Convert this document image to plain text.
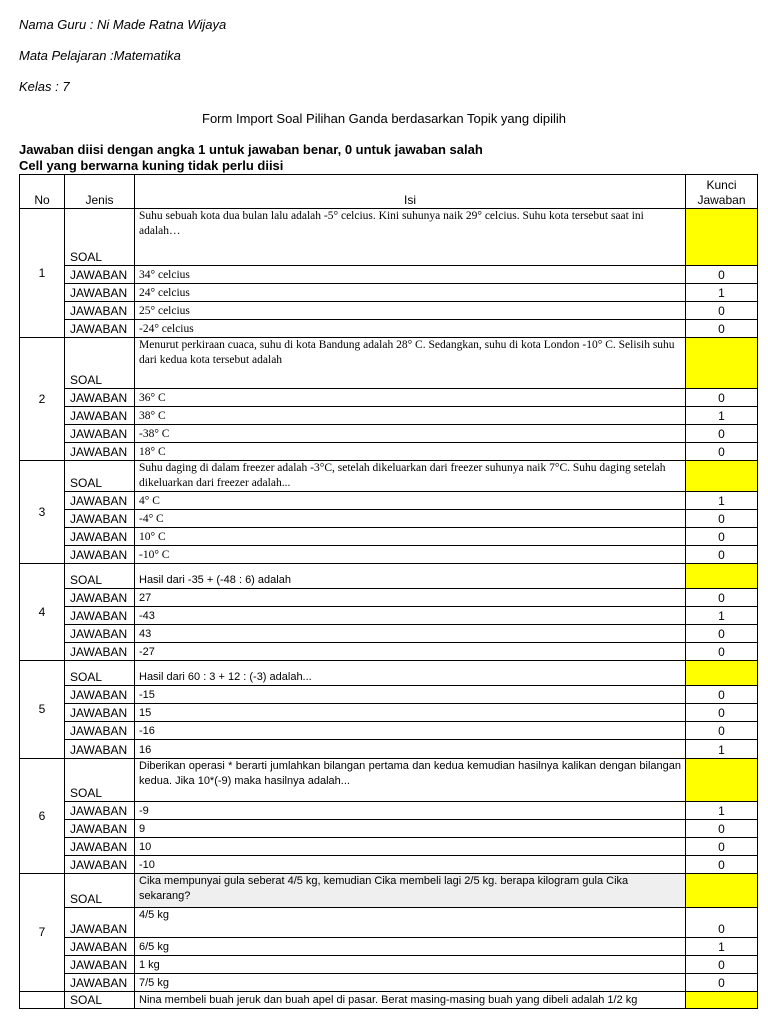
Nama Guru : Ni Made Ratna Wijaya
Mata Pelajaran :Matematika
Kelas : 7
Form Import Soal Pilihan Ganda berdasarkan Topik yang dipilih
Jawaban diisi dengan angka 1 untuk jawaban benar, 0 untuk jawaban salah
Cell yang berwarna kuning tidak perlu diisi
No	Jenis	Isi	Kunci Jawaban
1	SOAL	Suhu sebuah kota dua bulan lalu adalah -5° celcius. Kini suhunya naik 29° celcius. Suhu kota tersebut saat ini adalah…	
	JAWABAN	34° celcius	0
	JAWABAN	24° celcius	1
	JAWABAN	25° celcius	0
	JAWABAN	-24° celcius	0
2	SOAL	Menurut perkiraan cuaca, suhu di kota Bandung adalah 28° C. Sedangkan, suhu di kota London -10° C. Selisih suhu dari kedua kota tersebut adalah	
	JAWABAN	36° C	0
	JAWABAN	38° C	1
	JAWABAN	-38° C	0
	JAWABAN	18° C	0
3	SOAL	Suhu daging di dalam freezer adalah -3°C, setelah dikeluarkan dari freezer suhunya naik 7°C. Suhu daging setelah dikeluarkan dari freezer adalah...	
	JAWABAN	4° C	1
	JAWABAN	-4° C	0
	JAWABAN	10° C	0
	JAWABAN	-10° C	0
4	SOAL	Hasil dari -35 + (-48 : 6) adalah	
	JAWABAN	27	0
	JAWABAN	-43	1
	JAWABAN	43	0
	JAWABAN	-27	0
5	SOAL	Hasil dari 60 : 3 + 12 : (-3) adalah...	
	JAWABAN	-15	0
	JAWABAN	15	0
	JAWABAN	-16	0
	JAWABAN	16	1
6	SOAL	Diberikan operasi * berarti jumlahkan bilangan pertama dan kedua kemudian hasilnya kalikan dengan bilangan kedua. Jika 10*(-9) maka hasilnya adalah...	
	JAWABAN	-9	1
	JAWABAN	9	0
	JAWABAN	10	0
	JAWABAN	-10	0
7	SOAL	Cika mempunyai gula seberat 4/5 kg, kemudian Cika membeli lagi 2/5 kg. berapa kilogram gula Cika sekarang?	
	JAWABAN	4/5 kg	0
	JAWABAN	6/5 kg	1
	JAWABAN	1 kg	0
	JAWABAN	7/5 kg	0
	SOAL	Nina membeli buah jeruk dan buah apel di pasar. Berat masing-masing buah yang dibeli adalah 1/2 kg	
